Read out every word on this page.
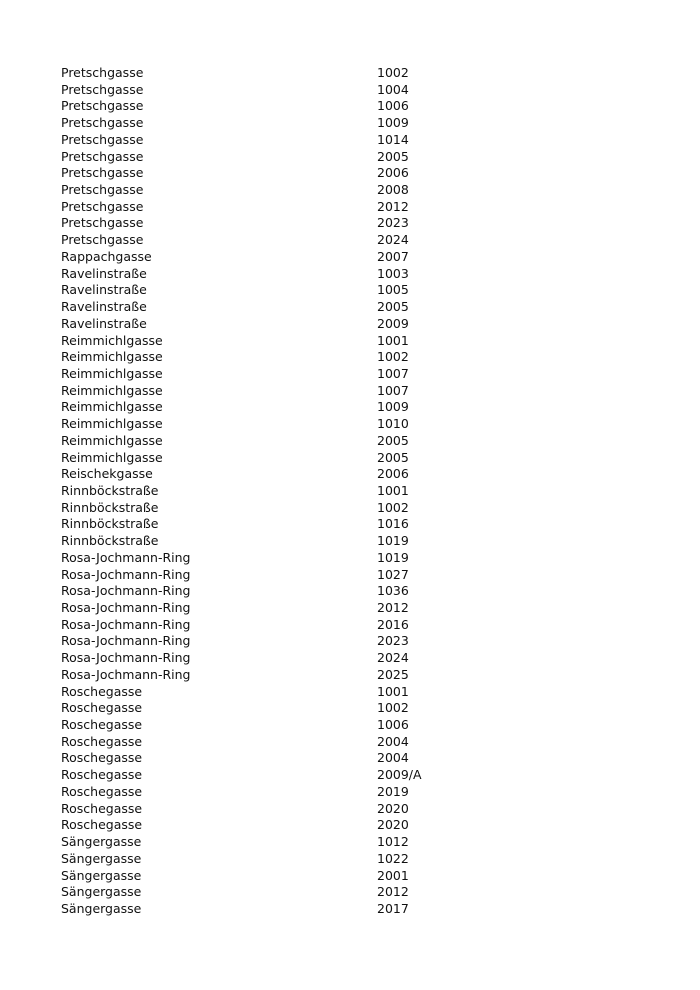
Pretschgasse	1002
Pretschgasse	1004
Pretschgasse	1006
Pretschgasse	1009
Pretschgasse	1014
Pretschgasse	2005
Pretschgasse	2006
Pretschgasse	2008
Pretschgasse	2012
Pretschgasse	2023
Pretschgasse	2024
Rappachgasse	2007
Ravelinstraße	1003
Ravelinstraße	1005
Ravelinstraße	2005
Ravelinstraße	2009
Reimmichlgasse	1001
Reimmichlgasse	1002
Reimmichlgasse	1007
Reimmichlgasse	1007
Reimmichlgasse	1009
Reimmichlgasse	1010
Reimmichlgasse	2005
Reimmichlgasse	2005
Reischekgasse	2006
Rinnböckstraße	1001
Rinnböckstraße	1002
Rinnböckstraße	1016
Rinnböckstraße	1019
Rosa-Jochmann-Ring	1019
Rosa-Jochmann-Ring	1027
Rosa-Jochmann-Ring	1036
Rosa-Jochmann-Ring	2012
Rosa-Jochmann-Ring	2016
Rosa-Jochmann-Ring	2023
Rosa-Jochmann-Ring	2024
Rosa-Jochmann-Ring	2025
Roschegasse	1001
Roschegasse	1002
Roschegasse	1006
Roschegasse	2004
Roschegasse	2004
Roschegasse	2009/A
Roschegasse	2019
Roschegasse	2020
Roschegasse	2020
Sängergasse	1012
Sängergasse	1022
Sängergasse	2001
Sängergasse	2012
Sängergasse	2017
